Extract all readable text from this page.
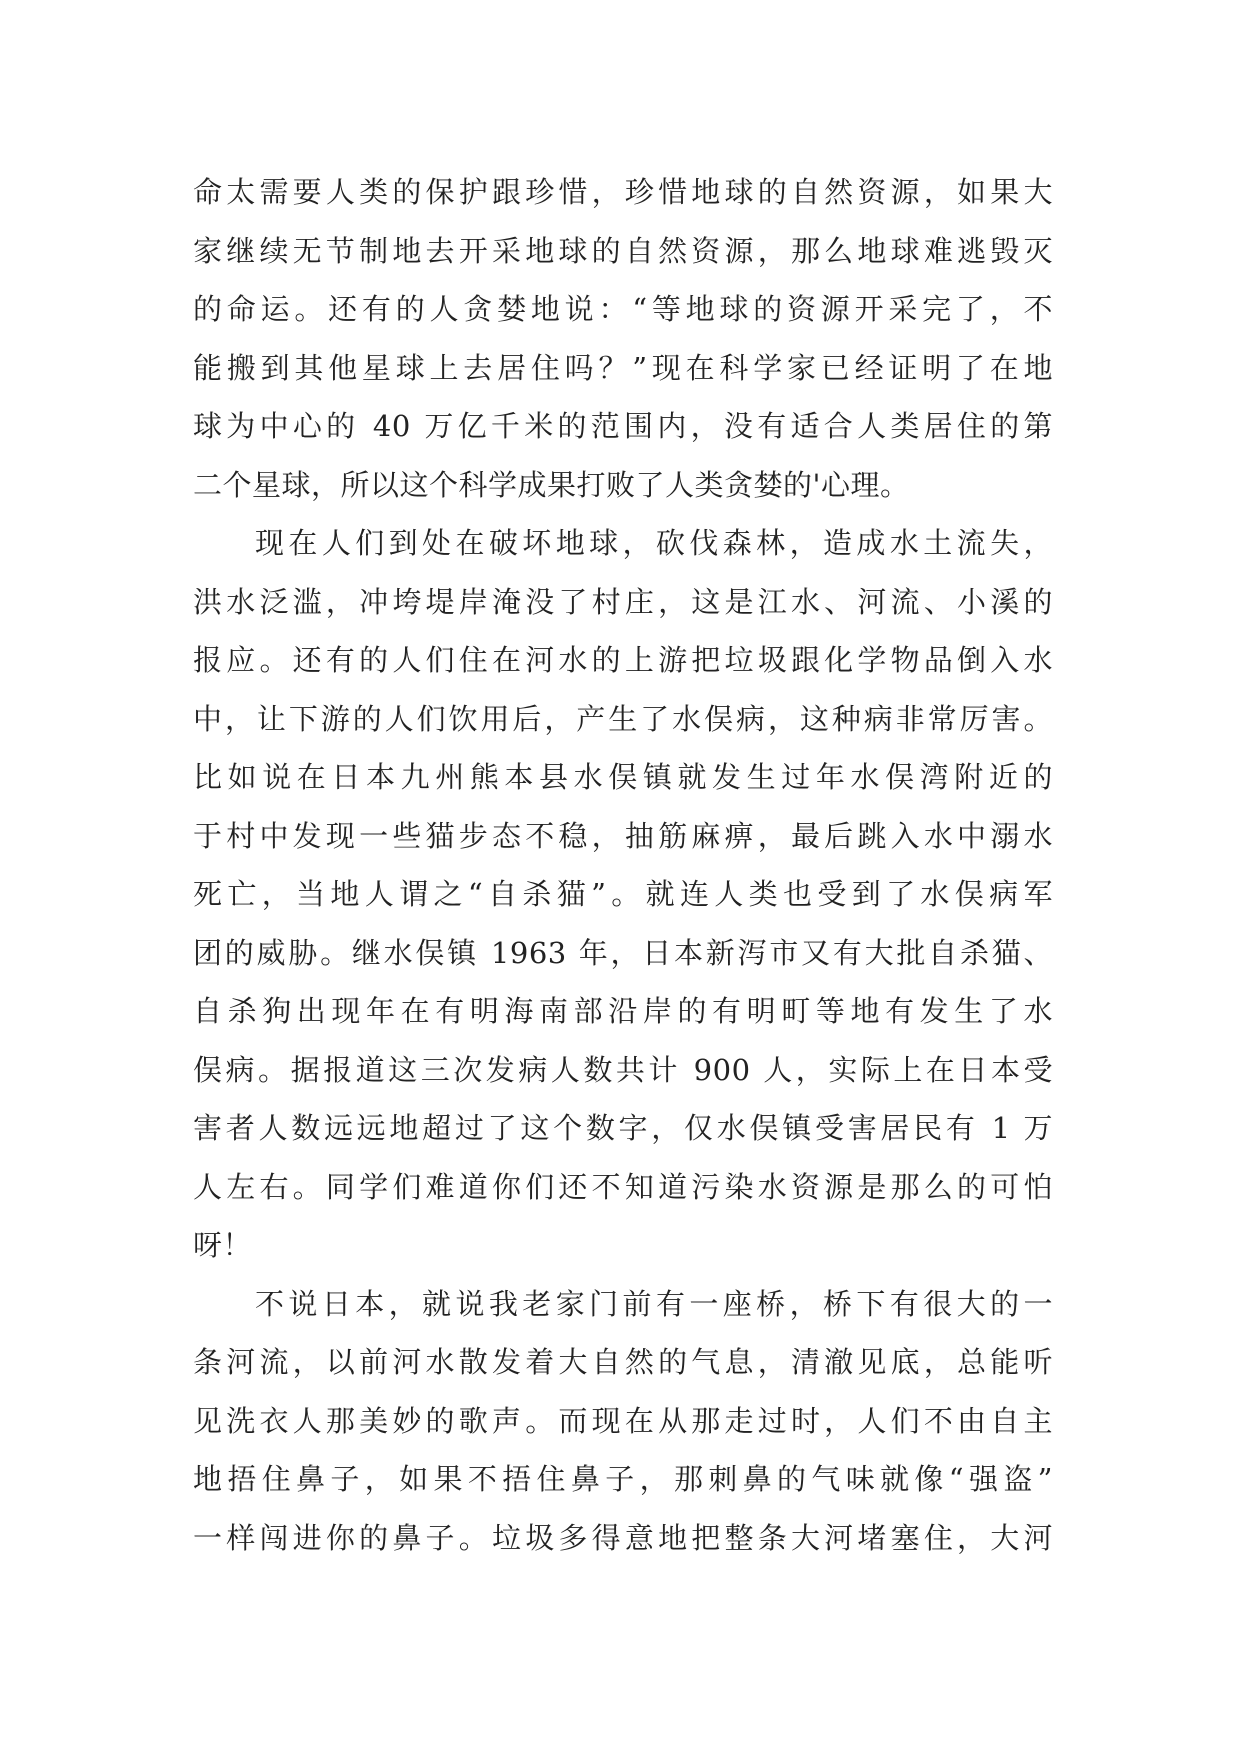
命太需要人类的保护跟珍惜，珍惜地球的自然资源，如果大
家继续无节制地去开采地球的自然资源，那么地球难逃毁灭
的命运。还有的人贪婪地说：“等地球的资源开采完了，不
能搬到其他星球上去居住吗？”现在科学家已经证明了在地
球为中心的 40 万亿千米的范围内，没有适合人类居住的第
二个星球，所以这个科学成果打败了人类贪婪的'心理。
现在人们到处在破坏地球，砍伐森林，造成水土流失，
洪水泛滥，冲垮堤岸淹没了村庄，这是江水、河流、小溪的
报应。还有的人们住在河水的上游把垃圾跟化学物品倒入水
中，让下游的人们饮用后，产生了水俣病，这种病非常厉害。
比如说在日本九州熊本县水俣镇就发生过年水俣湾附近的
于村中发现一些猫步态不稳，抽筋麻痹，最后跳入水中溺水
死亡，当地人谓之“自杀猫”。就连人类也受到了水俣病军
团的威胁。继水俣镇 1963 年，日本新泻市又有大批自杀猫、
自杀狗出现年在有明海南部沿岸的有明町等地有发生了水
俣病。据报道这三次发病人数共计 900 人，实际上在日本受
害者人数远远地超过了这个数字，仅水俣镇受害居民有 1 万
人左右。同学们难道你们还不知道污染水资源是那么的可怕
呀！
不说日本，就说我老家门前有一座桥，桥下有很大的一
条河流，以前河水散发着大自然的气息，清澈见底，总能听
见洗衣人那美妙的歌声。而现在从那走过时，人们不由自主
地捂住鼻子，如果不捂住鼻子，那刺鼻的气味就像“强盗”
一样闯进你的鼻子。垃圾多得意地把整条大河堵塞住，大河
